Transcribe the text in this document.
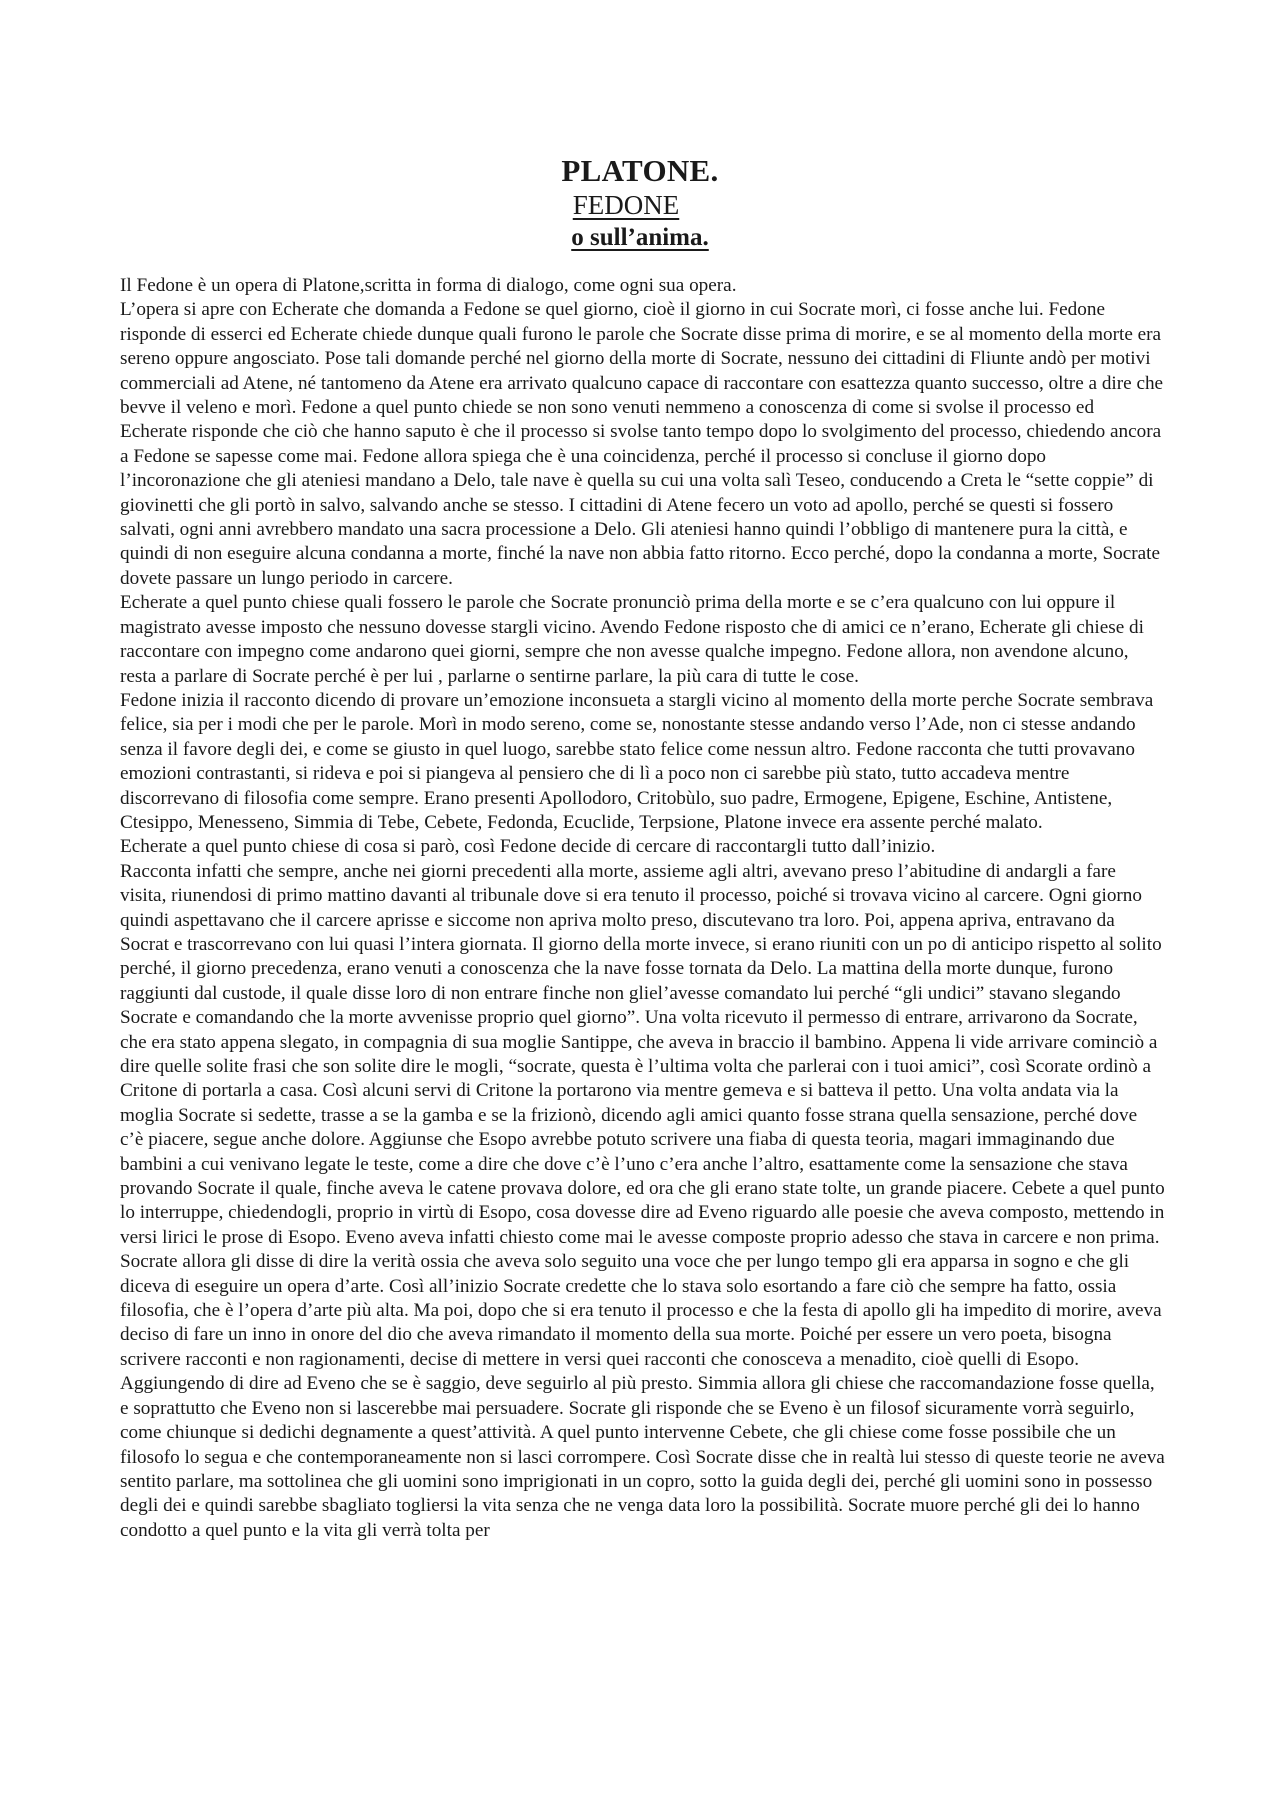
PLATONE.
FEDONE
o sull’anima.

Il Fedone è un opera di Platone,scritta in forma di dialogo, come ogni sua opera.

L’opera si apre con Echerate che domanda a Fedone se quel giorno, cioè il giorno in cui Socrate morì, ci fosse anche lui. Fedone risponde di esserci ed Echerate chiede dunque quali furono le parole che Socrate disse prima di morire, e se al momento della morte era sereno oppure angosciato. Pose tali domande perché nel giorno della morte di Socrate, nessuno dei cittadini di Fliunte andò per motivi commerciali ad Atene, né tantomeno da Atene era arrivato qualcuno capace di raccontare con esattezza quanto successo, oltre a dire che bevve il veleno e morì. Fedone a quel punto chiede se non sono venuti nemmeno a conoscenza di come si svolse il processo ed Echerate risponde che ciò che hanno saputo è che il processo si svolse tanto tempo dopo lo svolgimento del processo, chiedendo ancora a Fedone se sapesse come mai. Fedone allora spiega che è una coincidenza, perché il processo si concluse il giorno dopo l’incoronazione che gli ateniesi mandano a Delo, tale nave è quella su cui una volta salì Teseo, conducendo a Creta le “sette coppie” di giovinetti che gli portò in salvo, salvando anche se stesso. I cittadini di Atene fecero un voto ad apollo, perché se questi si fossero salvati, ogni anni avrebbero mandato una sacra processione a Delo. Gli ateniesi hanno quindi l’obbligo di mantenere pura la città, e quindi di non eseguire alcuna condanna a morte, finché la nave non abbia fatto ritorno. Ecco perché, dopo la condanna a morte, Socrate dovete passare un lungo periodo in carcere.

Echerate a quel punto chiese quali fossero le parole che Socrate pronunciò prima della morte e se c’era qualcuno con lui oppure il magistrato avesse imposto che nessuno dovesse stargli vicino. Avendo Fedone risposto che di amici ce n’erano, Echerate gli chiese di raccontare con impegno come andarono quei giorni, sempre che non avesse qualche impegno. Fedone allora, non avendone alcuno, resta a parlare di Socrate perché è per lui , parlarne o sentirne parlare, la più cara di tutte le cose.

Fedone inizia il racconto dicendo di provare un’emozione inconsueta a stargli vicino al momento della morte perche Socrate sembrava felice, sia per i modi che per le parole. Morì in modo sereno, come se, nonostante stesse andando verso l’Ade, non ci stesse andando senza il favore degli dei, e come se giusto in quel luogo, sarebbe stato felice come nessun altro. Fedone racconta che tutti provavano emozioni contrastanti, si rideva e poi si piangeva al pensiero che di lì a poco non ci sarebbe più stato, tutto accadeva mentre discorrevano di filosofia come sempre. Erano presenti Apollodoro, Critobùlo, suo padre, Ermogene, Epigene, Eschine, Antistene, Ctesippo, Menesseno, Simmia di Tebe, Cebete, Fedonda, Ecuclide, Terpsione, Platone invece era assente perché malato.

Echerate a quel punto chiese di cosa si parò, così Fedone decide di cercare di raccontargli tutto dall’inizio.

Racconta infatti che sempre, anche nei giorni precedenti alla morte, assieme agli altri, avevano preso l’abitudine di andargli a fare visita, riunendosi di primo mattino davanti al tribunale dove si era tenuto il processo, poiché si trovava vicino al carcere. Ogni giorno quindi aspettavano che il carcere aprisse e siccome non apriva molto preso, discutevano tra loro. Poi, appena apriva, entravano da Socrat e trascorrevano con lui quasi l’intera giornata. Il giorno della morte invece, si erano riuniti con un po di anticipo rispetto al solito perché, il giorno precedenza, erano venuti a conoscenza che la nave fosse tornata da Delo. La mattina della morte dunque, furono raggiunti dal custode, il quale disse loro di non entrare finche non gliel’avesse comandato lui perché “gli undici” stavano slegando Socrate e comandando che la morte avvenisse proprio quel giorno”. Una volta ricevuto il permesso di entrare, arrivarono da Socrate, che era stato appena slegato, in compagnia di sua moglie Santippe, che aveva in braccio il bambino. Appena li vide arrivare cominciò a dire quelle solite frasi che son solite dire le mogli, “socrate, questa è l’ultima volta che parlerai con i tuoi amici”, così Scorate ordinò a Critone di portarla a casa. Così alcuni servi di Critone la portarono via mentre gemeva e si batteva il petto. Una volta andata via la moglia Socrate si sedette, trasse a se la gamba e se la frizionò, dicendo agli amici quanto fosse strana quella sensazione, perché dove c’è piacere, segue anche dolore. Aggiunse che Esopo avrebbe potuto scrivere una fiaba di questa teoria, magari immaginando due bambini a cui venivano legate le teste, come a dire che dove c’è l’uno c’era anche l’altro, esattamente come la sensazione che stava provando Socrate il quale, finche aveva le catene provava dolore, ed ora che gli erano state tolte, un grande piacere. Cebete a quel punto lo interruppe, chiedendogli, proprio in virtù di Esopo, cosa dovesse dire ad Eveno riguardo alle poesie che aveva composto, mettendo in versi lirici le prose di Esopo. Eveno aveva infatti chiesto come mai le avesse composte proprio adesso che stava in carcere e non prima. Socrate allora gli disse di dire la verità ossia che aveva solo seguito una voce che per lungo tempo gli era apparsa in sogno e che gli diceva di eseguire un opera d’arte. Così all’inizio Socrate credette che lo stava solo esortando a fare ciò che sempre ha fatto, ossia filosofia, che è l’opera d’arte più alta. Ma poi, dopo che si era tenuto il processo e che la festa di apollo gli ha impedito di morire, aveva deciso di fare un inno in onore del dio che aveva rimandato il momento della sua morte. Poiché per essere un vero poeta, bisogna scrivere racconti e non ragionamenti, decise di mettere in versi quei racconti che conosceva a menadito, cioè quelli di Esopo. Aggiungendo di dire ad Eveno che se è saggio, deve seguirlo al più presto. Simmia allora gli chiese che raccomandazione fosse quella, e soprattutto che Eveno non si lascerebbe mai persuadere. Socrate gli risponde che se Eveno è un filosof sicuramente vorrà seguirlo, come chiunque si dedichi degnamente a quest’attività. A quel punto intervenne Cebete, che gli chiese come fosse possibile che un filosofo lo segua e che contemporaneamente non si lasci corrompere. Così Socrate disse che in realtà lui stesso di queste teorie ne aveva sentito parlare, ma sottolinea che gli uomini sono imprigionati in un copro, sotto la guida degli dei, perché gli uomini sono in possesso degli dei e quindi sarebbe sbagliato togliersi la vita senza che ne venga data loro la possibilità. Socrate muore perché gli dei lo hanno condotto a quel punto e la vita gli verrà tolta per
